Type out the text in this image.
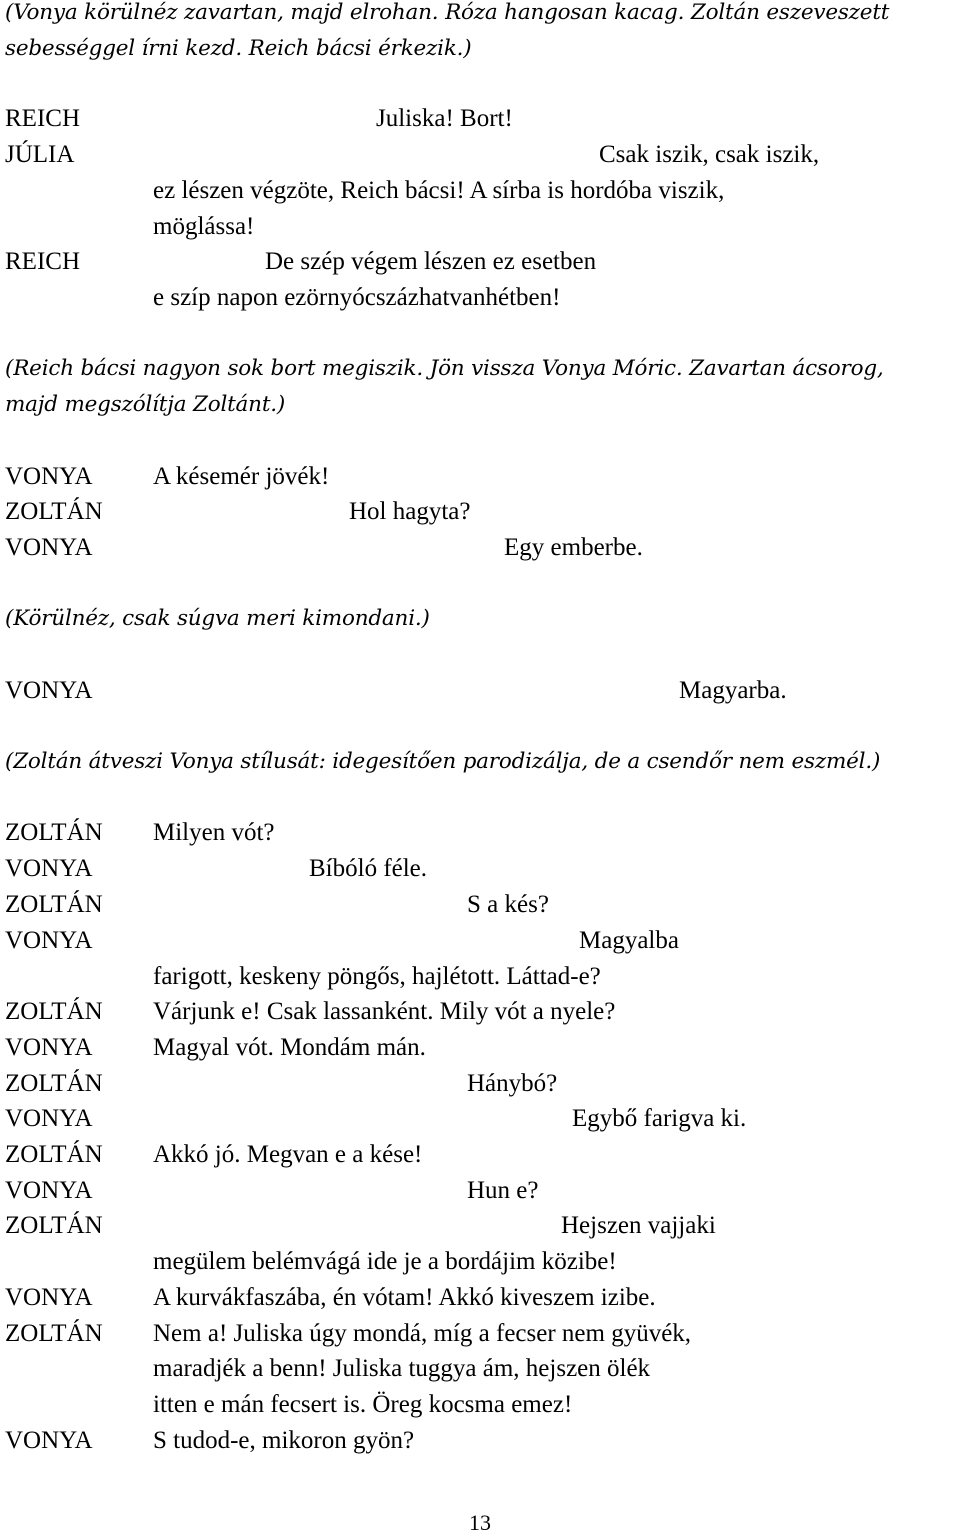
(Vonya körülnéz zavartan, majd elrohan. Róza hangosan kacag. Zoltán eszeveszett
sebességgel írni kezd. Reich bácsi érkezik.)
REICH	Juliska! Bort!
JÚLIA	Csak iszik, csak iszik,
ez lészen végzöte, Reich bácsi! A sírba is hordóba viszik,
möglássa!
REICH	De szép végem lészen ez esetben
e szíp napon ezörnyócszázhatvanhétben!
(Reich bácsi nagyon sok bort megiszik. Jön vissza Vonya Móric. Zavartan ácsorog,
majd megszólítja Zoltánt.)
VONYA A késemér jövék!
ZOLTÁN	Hol hagyta?
VONYA	Egy emberbe.
(Körülnéz, csak súgva meri kimondani.)
VONYA	Magyarba.
(Zoltán átveszi Vonya stílusát: idegesítően parodizálja, de a csendőr nem eszmél.)
ZOLTÁN Milyen vót?
VONYA	Bíbóló féle.
ZOLTÁN	S a kés?
VONYA	Magyalba
farigott, keskeny pöngős, hajlétott. Láttad-e?
ZOLTÁN Várjunk e! Csak lassanként. Mily vót a nyele?
VONYA Magyal vót. Mondám mán.
ZOLTÁN	Hánybó?
VONYA	Egybő farigva ki.
ZOLTÁN Akkó jó. Megvan e a kése!
VONYA	Hun e?
ZOLTÁN	Hejszen vajjaki
megülem belémvágá ide je a bordájim közibe!
VONYA A kurvákfaszába, én vótam! Akkó kiveszem izibe.
ZOLTÁN Nem a! Juliska úgy mondá, míg a fecser nem gyüvék,
maradjék a benn! Juliska tuggya ám, hejszen ölék
itten e mán fecsert is. Öreg kocsma emez!
VONYA S tudod-e, mikoron gyön?
13
